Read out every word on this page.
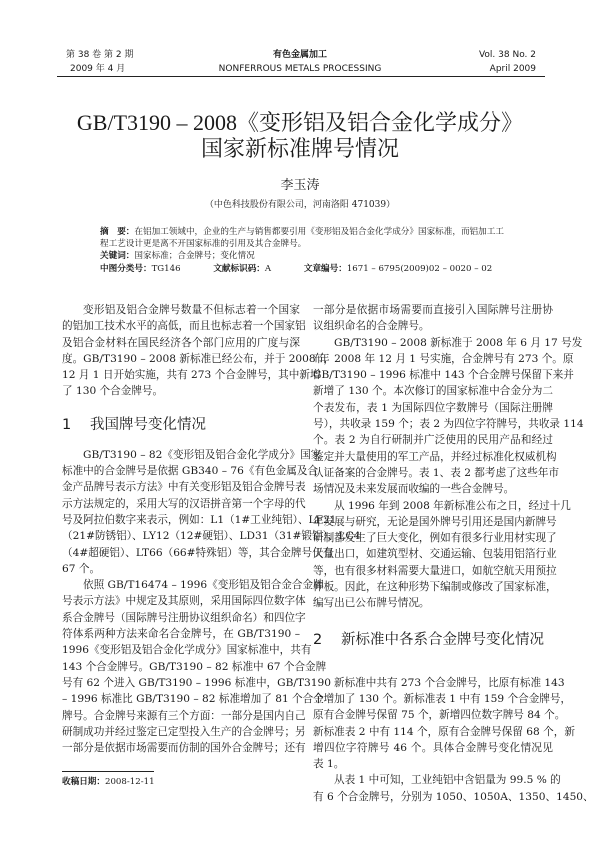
第 38 卷 第 2 期
2009 年 4 月
有色金属加工
NONFERROUS METALS PROCESSING
Vol. 38 No. 2
April 2009
GB/T3190 – 2008《变形铝及铝合金化学成分》
国家新标准牌号情况
李玉涛
（中色科技股份有限公司，河南洛阳 471039）
摘　要：在铝加工领域中，企业的生产与销售都要引用《变形铝及铝合金化学成分》国家标准，而铝加工工程工艺设计更是离不开国家标准的引用及其合金牌号。
关键词：国家标准；合金牌号；变化情况
中图分类号：TG146	文献标识码：A	文章编号：1671 – 6795(2009)02 – 0020 – 02
变形铝及铝合金牌号数量不但标志着一个国家
的铝加工技术水平的高低，而且也标志着一个国家铝
及铝合金材料在国民经济各个部门应用的广度与深
度。GB/T3190 – 2008 新标准已经公布，并于 2008 年
12 月 1 日开始实施，共有 273 个合金牌号，其中新增
了 130 个合金牌号。
1 我国牌号变化情况
GB/T3190 – 82《变形铝及铝合金化学成分》国家
标准中的合金牌号是依据 GB340 – 76《有色金属及合
金产品牌号表示方法》中有关变形铝及铝合金牌号表
示方法规定的，采用大写的汉语拼音第一个字母的代
号及阿拉伯数字来表示，例如：L1（1#工业纯铝）、LF21
（21#防锈铝）、LY12（12#硬铝）、LD31（31#锻铝）、LC4
（4#超硬铝）、LT66（66#特殊铝）等，其合金牌号仅有
67 个。
依照 GB/T16474 – 1996《变形铝及铝合金合金牌
号表示方法》中规定及其原则，采用国际四位数字体
系合金牌号（国际牌号注册协议组织命名）和四位字
符体系两种方法来命名合金牌号，在 GB/T3190 –
1996《变形铝及铝合金化学成分》国家标准中，共有
143 个合金牌号。GB/T3190 – 82 标准中 67 个合金牌
号有 62 个进入 GB/T3190 – 1996 标准中，GB/T3190
– 1996 标准比 GB/T3190 – 82 标准增加了 81 个合金
牌号。合金牌号来源有三个方面：一部分是国内自己
研制成功并经过鉴定已定型投入生产的合金牌号；另
一部分是依据市场需要而仿制的国外合金牌号；还有
一部分是依据市场需要而直接引入国际牌号注册协
议组织命名的合金牌号。
GB/T3190 – 2008 新标准于 2008 年 6 月 17 号发
布，2008 年 12 月 1 号实施，合金牌号有 273 个。原
GB/T3190 – 1996 标准中 143 个合金牌号保留下来并
新增了 130 个。本次修订的国家标准中合金分为二
个表发布，表 1 为国际四位字数牌号（国际注册牌
号），共收录 159 个；表 2 为四位字符牌号，共收录 114
个。表 2 为自行研制并广泛使用的民用产品和经过
鉴定并大量使用的军工产品，并经过标准化权威机构
认证备案的合金牌号。表 1、表 2 都考虑了这些年市
场情况及未来发展而收编的一些合金牌号。
从 1996 年到 2008 年新标准公布之日，经过十几
年发展与研究，无论是国外牌号引用还是国内新牌号
研制都发生了巨大变化，例如有很多行业用材实现了
大量出口，如建筑型材、交通运输、包装用铝箔行业
等，也有很多材料需要大量进口，如航空航天用预拉
伸板。因此，在这种形势下编制或修改了国家标准，
编写出已公布牌号情况。
2 新标准中各系合金牌号变化情况
新标准中共有 273 个合金牌号，比原有标准 143
个增加了 130 个。新标准表 1 中有 159 个合金牌号，
原有合金牌号保留 75 个，新增四位数字牌号 84 个。
新标准表 2 中有 114 个，原有合金牌号保留 68 个，新
增四位字符牌号 46 个。具体合金牌号变化情况见
表 1。
从表 1 中可知，工业纯铝中含铝量为 99.5 % 的
有 6 个合金牌号，分别为 1050、1050A、1350、1450、
收稿日期：2008-12-11
